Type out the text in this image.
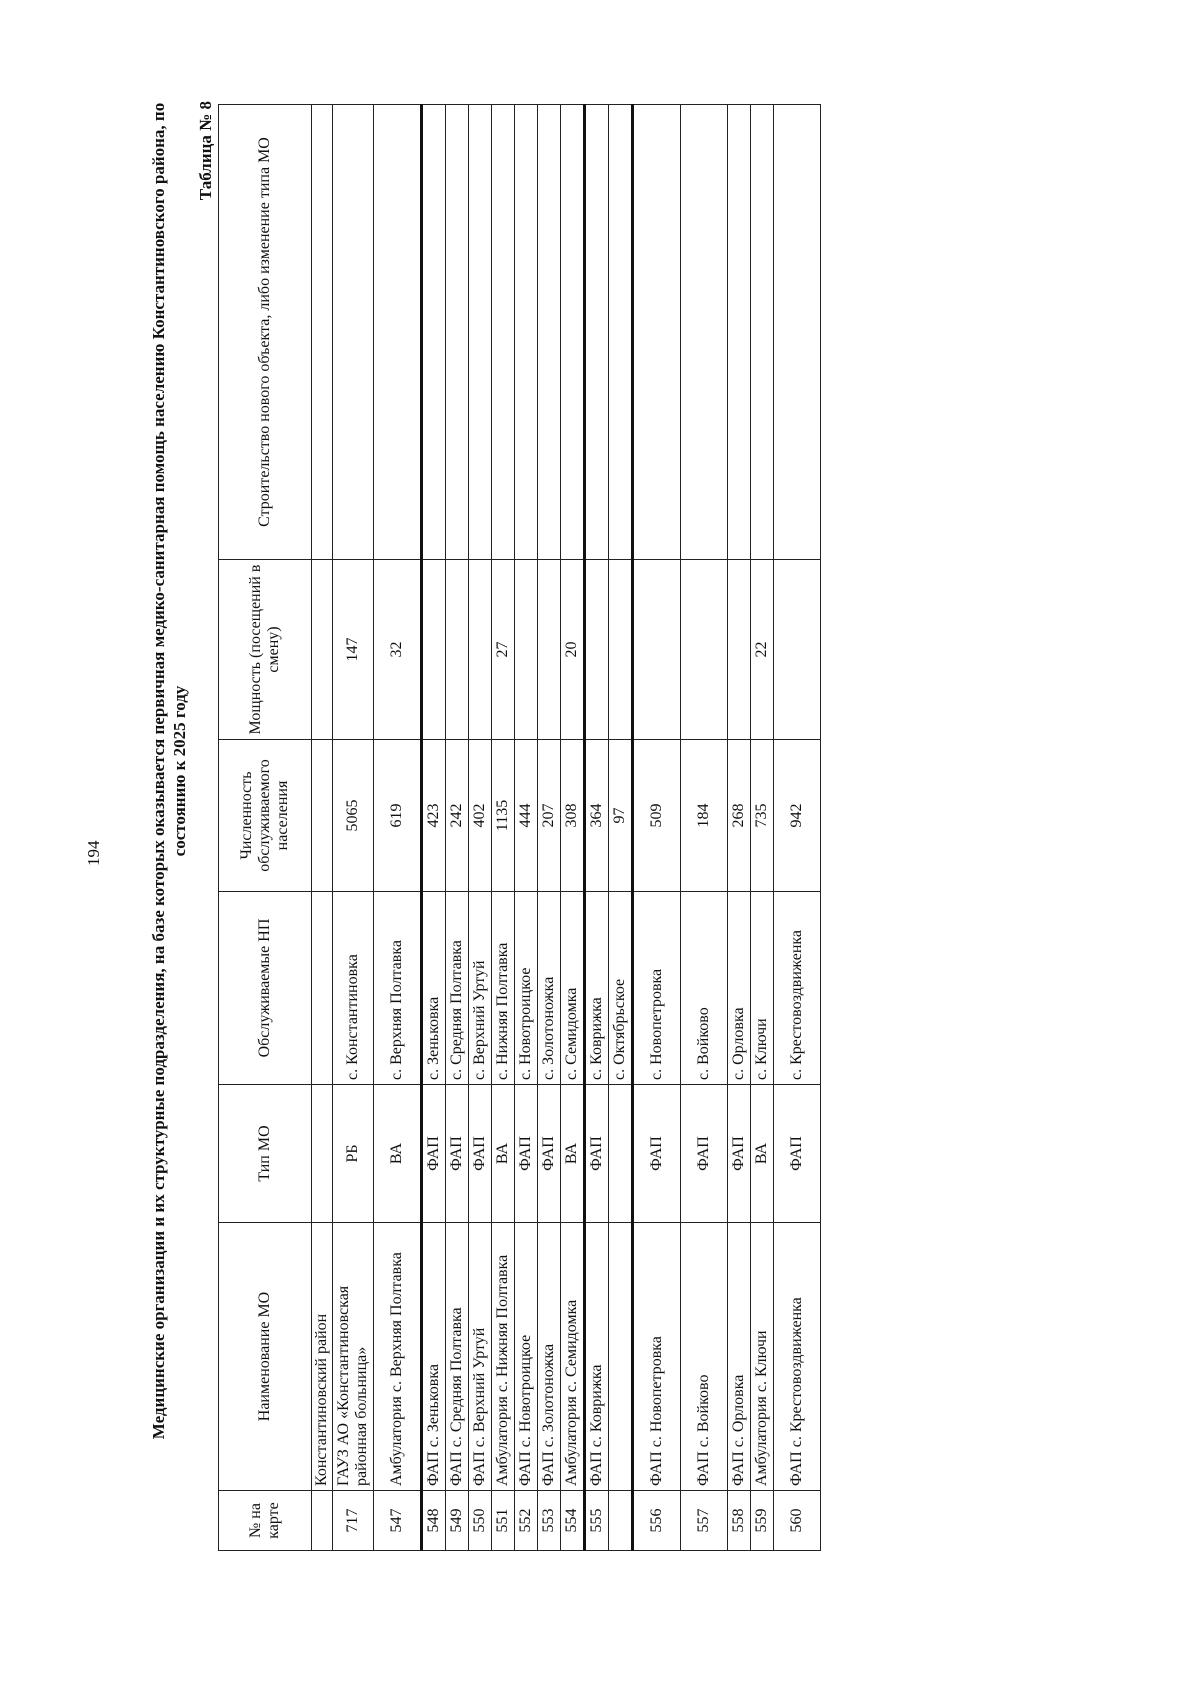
194	Медицинские организации и их структурные подразделения, на базе которых оказывается первичная медико-санитарная помощь населению Константиновского района, по состоянию к 2025 году
Таблица № 8
№ на карте	Наименование МО	Тип МО	Обслуживаемые НП	Численность обслуживаемого населения	Мощность (посещений в смену)	Строительство нового объекта, либо изменение типа МО
	Константиновский район					
717	ГАУЗ АО «Константиновская районная больница»	РБ	с. Константиновка	5065	147	
547	Амбулатория с. Верхняя Полтавка	ВА	с. Верхняя Полтавка	619	32	
548	ФАП с. Зеньковка	ФАП	с. Зеньковка	423		
549	ФАП с. Средняя Полтавка	ФАП	с. Средняя Полтавка	242		
550	ФАП с. Верхний Уртуй	ФАП	с. Верхний Уртуй	402		
551	Амбулатория с. Нижняя Полтавка	ВА	с. Нижняя Полтавка	1135	27	
552	ФАП с. Новотроицкое	ФАП	с. Новотроицкое	444		
553	ФАП с. Золотоножка	ФАП	с. Золотоножка	207		
554	Амбулатория с. Семидомка	ВА	с. Семидомка	308	20	
555	ФАП с. Коврижка	ФАП	с. Коврижка	364		
			с. Октябрьское	97		
556	ФАП с. Новопетровка	ФАП	с. Новопетровка	509		
557	ФАП с. Войково	ФАП	с. Войково	184		
558	ФАП с. Орловка	ФАП	с. Орловка	268		
559	Амбулатория с. Ключи	ВА	с. Ключи	735	22	
560	ФАП с. Крестовоздвиженка	ФАП	с. Крестовоздвиженка	942		
